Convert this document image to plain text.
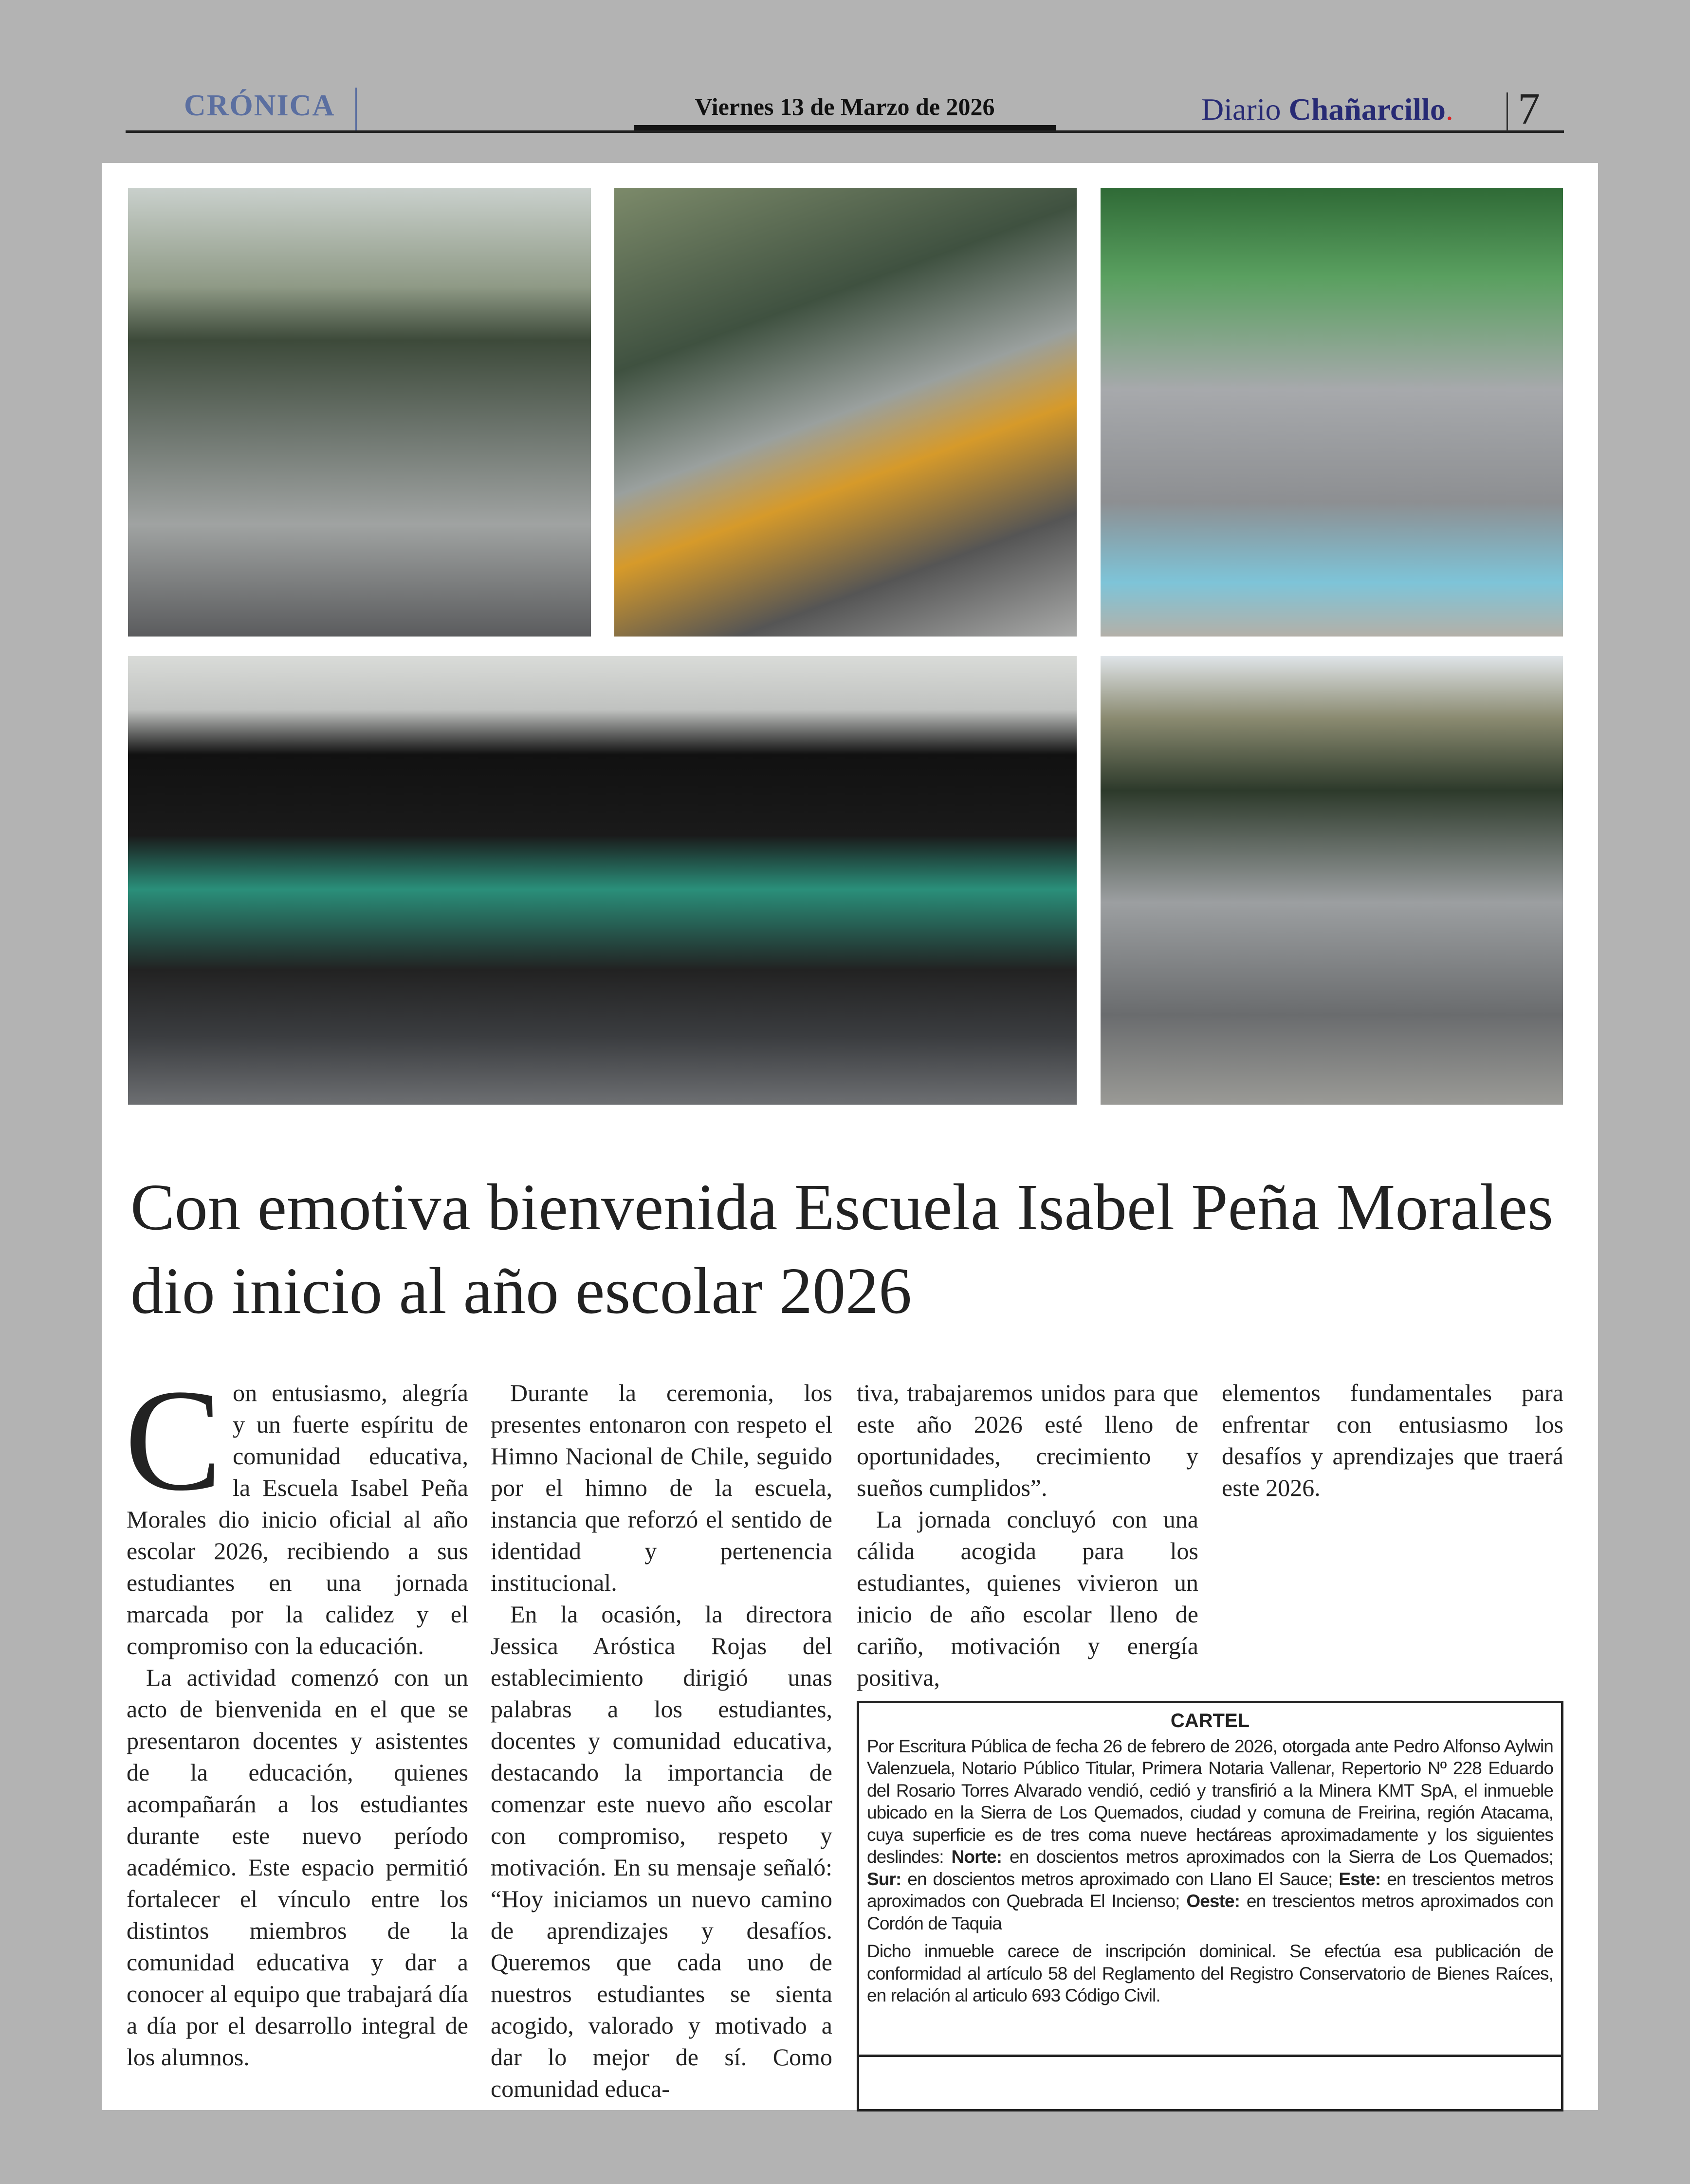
CRÓNICA	Viernes 13 de Marzo de 2026	Diario Chañarcillo. 7
Con emotiva bienvenida Escuela Isabel Peña Morales dio inicio al año escolar 2026
C on entusiasmo, alegría y un fuerte espíritu de comunidad educativa, la Escuela Isabel Peña Morales dio inicio oficial al año escolar 2026, recibiendo a sus estudiantes en una jornada marcada por la calidez y el compromiso con la educación.

La actividad comenzó con un acto de bienvenida en el que se presentaron docentes y asistentes de la educación, quienes acompañarán a los estudiantes durante este nuevo período académico. Este espacio permitió fortalecer el vínculo entre los distintos miembros de la comunidad educativa y dar a conocer al equipo que trabajará día a día por el desarrollo integral de los alumnos.

Durante la ceremonia, los presentes entonaron con respeto el Himno Nacional de Chile, seguido por el himno de la escuela, instancia que reforzó el sentido de identidad y pertenencia institucional.

En la ocasión, la directora Jessica Aróstica Rojas del establecimiento dirigió unas palabras a los estudiantes, docentes y comunidad educativa, destacando la importancia de comenzar este nuevo año escolar con compromiso, respeto y motivación. En su mensaje señaló: “Hoy iniciamos un nuevo camino de aprendizajes y desafíos. Queremos que cada uno de nuestros estudiantes se sienta acogido, valorado y motivado a dar lo mejor de sí. Como comunidad educa-

tiva, trabajaremos unidos para que este año 2026 esté lleno de oportunidades, crecimiento y sueños cumplidos”.

La jornada concluyó con una cálida acogida para los estudiantes, quienes vivieron un inicio de año escolar lleno de cariño, motivación y energía positiva,

elementos fundamentales para enfrentar con entusiasmo los desafíos y aprendizajes que traerá este 2026.

CARTEL

Por Escritura Pública de fecha 26 de febrero de 2026, otorgada ante Pedro Alfonso Aylwin Valenzuela, Notario Público Titular, Primera Notaria Vallenar, Repertorio Nº 228 Eduardo del Rosario Torres Alvarado vendió, cedió y transfirió a la Minera KMT SpA, el inmueble ubicado en la Sierra de Los Quemados, ciudad y comuna de Freirina, región Atacama, cuya superficie es de tres coma nueve hectáreas aproximadamente y los siguientes deslindes: Norte: en doscientos metros aproximados con la Sierra de Los Quemados; Sur: en doscientos metros aproximado con Llano El Sauce; Este: en trescientos metros aproximados con Quebrada El Incienso; Oeste: en trescientos metros aproximados con Cordón de Taquia

Dicho inmueble carece de inscripción dominical. Se efectúa esa publicación de conformidad al artículo 58 del Reglamento del Registro Conservatorio de Bienes Raíces, en relación al articulo 693 Código Civil.
